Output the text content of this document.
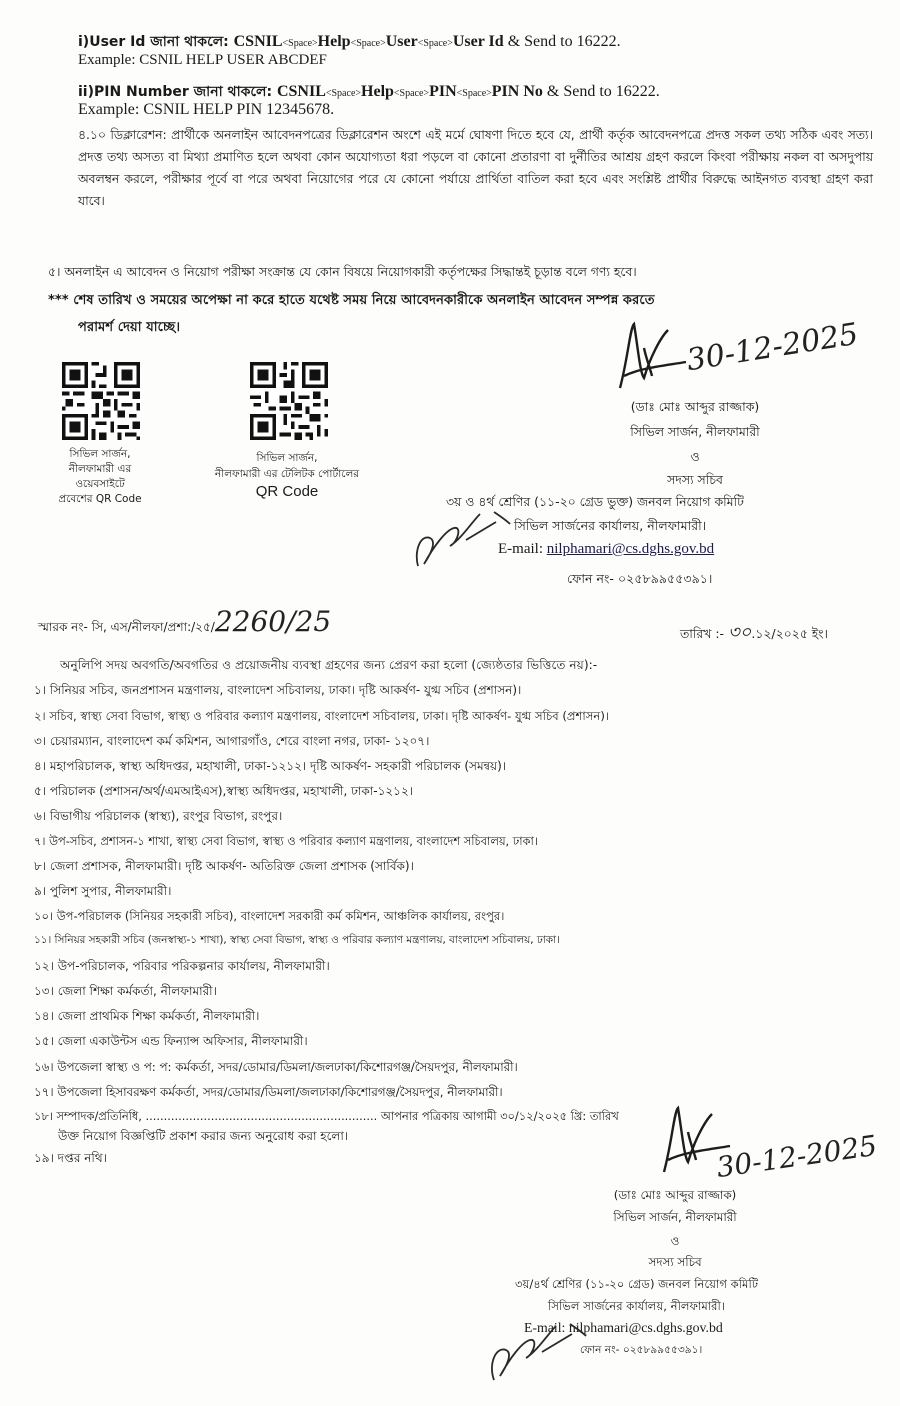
i)User Id জানা থাকলে: CSNIL<Space>Help<Space>User<Space>User Id & Send to 16222.
Example: CSNIL HELP USER ABCDEF
ii)PIN Number জানা থাকলে: CSNIL<Space>Help<Space>PIN<Space>PIN No & Send to 16222.
Example: CSNIL HELP PIN 12345678.
৪.১০ ডিক্লারেশন: প্রার্থীকে অনলাইন আবেদনপত্রের ডিক্লারেশন অংশে এই মর্মে ঘোষণা দিতে হবে যে, প্রার্থী কর্তৃক আবেদনপত্রে প্রদত্ত সকল তথ্য সঠিক এবং সত্য। প্রদত্ত তথ্য অসত্য বা মিথ্যা প্রমাণিত হলে অথবা কোন অযোগ্যতা ধরা পড়লে বা কোনো প্রতারণা বা দুর্নীতির আশ্রয় গ্রহণ করলে কিংবা পরীক্ষায় নকল বা অসদুপায় অবলম্বন করলে, পরীক্ষার পূর্বে বা পরে অথবা নিয়োগের পরে যে কোনো পর্যায়ে প্রার্থিতা বাতিল করা হবে এবং সংশ্লিষ্ট প্রার্থীর বিরুদ্ধে আইনগত ব্যবস্থা গ্রহণ করা যাবে।
৫। অনলাইন এ আবেদন ও নিয়োগ পরীক্ষা সংক্রান্ত যে কোন বিষয়ে নিয়োগকারী কর্তৃপক্ষের সিদ্ধান্তই চূড়ান্ত বলে গণ্য হবে।
*** শেষ তারিখ ও সময়ের অপেক্ষা না করে হাতে যথেষ্ট সময় নিয়ে আবেদনকারীকে অনলাইন আবেদন সম্পন্ন করতে
পরামর্শ দেয়া যাচ্ছে।
সিভিল সার্জন,
নীলফামারী এর
ওয়েবসাইটে
প্রবেশের QR Code
সিভিল সার্জন,
নীলফামারী এর টেলিটক পোর্টালের
QR Code
30-12-2025
(ডাঃ মোঃ আব্দুর রাজ্জাক)
সিভিল সার্জন, নীলফামারী
ও
সদস্য সচিব
৩য় ও ৪র্থ শ্রেণির (১১-২০ গ্রেড ভুক্ত) জনবল নিয়োগ কমিটি
সিভিল সার্জনের কার্যালয়, নীলফামারী।
E-mail: nilphamari@cs.dghs.gov.bd
ফোন নং- ০২৫৮৯৯৫৫৩৯১।
স্মারক নং- সি, এস/নীলফা/প্রশা:/২৫/2260/25	তারিখ :- ৩০.১২/২০২৫ ইং।
অনুলিপি সদয় অবগতি/অবগতির ও প্রয়োজনীয় ব্যবস্থা গ্রহণের জন্য প্রেরণ করা হলো (জ্যেষ্ঠতার ভিত্তিতে নয়):-
১। সিনিয়র সচিব, জনপ্রশাসন মন্ত্রণালয়, বাংলাদেশ সচিবালয়, ঢাকা। দৃষ্টি আকর্ষণ- যুগ্ম সচিব (প্রশাসন)।
২। সচিব, স্বাস্থ্য সেবা বিভাগ, স্বাস্থ্য ও পরিবার কল্যাণ মন্ত্রণালয়, বাংলাদেশ সচিবালয়, ঢাকা। দৃষ্টি আকর্ষণ- যুগ্ম সচিব (প্রশাসন)।
৩। চেয়ারম্যান, বাংলাদেশ কর্ম কমিশন, আগারগাঁও, শেরে বাংলা নগর, ঢাকা- ১২০৭।
৪। মহাপরিচালক, স্বাস্থ্য অধিদপ্তর, মহাখালী, ঢাকা-১২১২। দৃষ্টি আকর্ষণ- সহকারী পরিচালক (সমন্বয়)।
৫। পরিচালক (প্রশাসন/অর্থ/এমআইএস),স্বাস্থ্য অধিদপ্তর, মহাখালী, ঢাকা-১২১২।
৬। বিভাগীয় পরিচালক (স্বাস্থ্য), রংপুর বিভাগ, রংপুর।
৭। উপ-সচিব, প্রশাসন-১ শাখা, স্বাস্থ্য সেবা বিভাগ, স্বাস্থ্য ও পরিবার কল্যাণ মন্ত্রণালয়, বাংলাদেশ সচিবালয়, ঢাকা।
৮। জেলা প্রশাসক, নীলফামারী। দৃষ্টি আকর্ষণ- অতিরিক্ত জেলা প্রশাসক (সার্বিক)।
৯। পুলিশ সুপার, নীলফামারী।
১০। উপ-পরিচালক (সিনিয়র সহকারী সচিব), বাংলাদেশ সরকারী কর্ম কমিশন, আঞ্চলিক কার্যালয়, রংপুর।
১১। সিনিয়র সহকারী সচিব (জনস্বাস্থ্য-১ শাখা), স্বাস্থ্য সেবা বিভাগ, স্বাস্থ্য ও পরিবার কল্যাণ মন্ত্রণালয়, বাংলাদেশ সচিবালয়, ঢাকা।
১২। উপ-পরিচালক, পরিবার পরিকল্পনার কার্যালয়, নীলফামারী।
১৩। জেলা শিক্ষা কর্মকর্তা, নীলফামারী।
১৪। জেলা প্রাথমিক শিক্ষা কর্মকর্তা, নীলফামারী।
১৫। জেলা একাউন্টস এন্ড ফিন্যান্স অফিসার, নীলফামারী।
১৬। উপজেলা স্বাস্থ্য ও প: প: কর্মকর্তা, সদর/ডোমার/ডিমলা/জলঢাকা/কিশোরগঞ্জ/সৈয়দপুর, নীলফামারী।
১৭। উপজেলা হিসাবরক্ষণ কর্মকর্তা, সদর/ডোমার/ডিমলা/জলঢাকা/কিশোরগঞ্জ/সৈয়দপুর, নীলফামারী।
১৮। সম্পাদক/প্রতিনিধি, ................................................................ আপনার পত্রিকায় আগামী ৩০/১২/২০২৫ খ্রি: তারিখ
উক্ত নিয়োগ বিজ্ঞপ্তিটি প্রকাশ করার জন্য অনুরোধ করা হলো।
১৯। দপ্তর নথি।	30-12-2025
(ডাঃ মোঃ আব্দুর রাজ্জাক)
সিভিল সার্জন, নীলফামারী
ও
সদস্য সচিব
৩য়/৪র্থ শ্রেণির (১১-২০ গ্রেড) জনবল নিয়োগ কমিটি
সিভিল সার্জনের কার্যালয়, নীলফামারী।
E-mail: nilphamari@cs.dghs.gov.bd
ফোন নং- ০২৫৮৯৯৫৫৩৯১।
